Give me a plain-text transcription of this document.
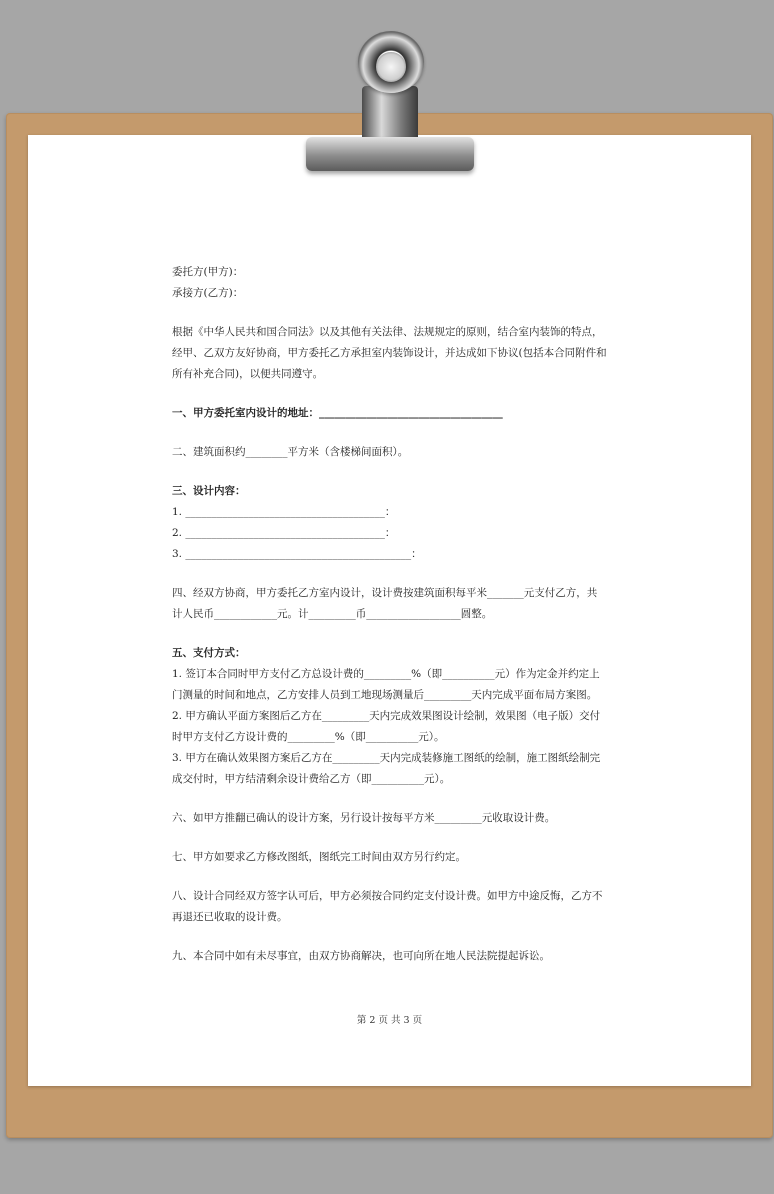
委托方(甲方)：

承接方(乙方)：

根据《中华人民共和国合同法》以及其他有关法律、法规规定的原则，结合室内装饰的特点，经甲、乙双方友好协商，甲方委托乙方承担室内装饰设计，并达成如下协议(包括本合同附件和所有补充合同)，以便共同遵守。

一、甲方委托室内设计的地址：___________________________________

二、建筑面积约________平方米（含楼梯间面积）。

三、设计内容：

1. ______________________________________：

2. ______________________________________：

3. ___________________________________________：

四、经双方协商，甲方委托乙方室内设计，设计费按建筑面积每平米_______元支付乙方，共计人民币____________元。计_________币__________________圆整。

五、支付方式：

1. 签订本合同时甲方支付乙方总设计费的_________%（即__________元）作为定金并约定上门测量的时间和地点，乙方安排人员到工地现场测量后_________天内完成平面布局方案图。

2. 甲方确认平面方案图后乙方在_________天内完成效果图设计绘制，效果图（电子版）交付时甲方支付乙方设计费的_________%（即__________元）。

3. 甲方在确认效果图方案后乙方在_________天内完成装修施工图纸的绘制，施工图纸绘制完成交付时，甲方结清剩余设计费给乙方（即__________元）。

六、如甲方推翻已确认的设计方案，另行设计按每平方米_________元收取设计费。

七、甲方如要求乙方修改图纸，图纸完工时间由双方另行约定。

八、设计合同经双方签字认可后，甲方必须按合同约定支付设计费。如甲方中途反悔，乙方不再退还已收取的设计费。

九、本合同中如有未尽事宜，由双方协商解决，也可向所在地人民法院提起诉讼。

第 2 页 共 3 页
